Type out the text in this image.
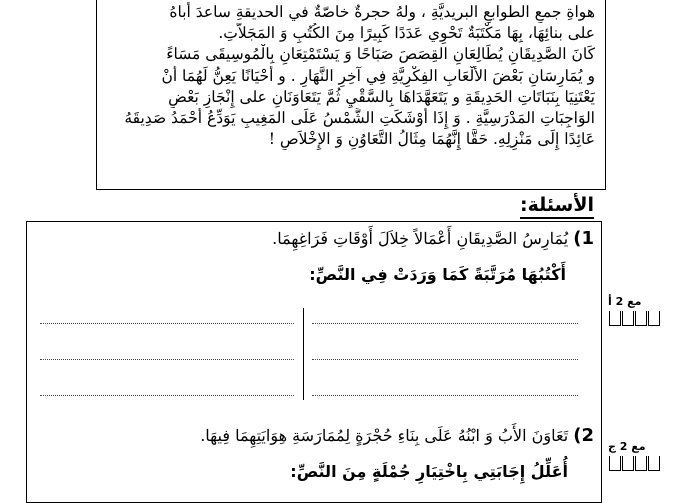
هواةِ جمعِ الطوابعِ البريديَّةِ ، ولهُ حجرةٌ خاصّةٌ في الحديقةِ ساعدَ أباهُ
على بنائِهَا، بِهَا مَكْتَبَةٌ تَحْوِي عَدَدًا كَبِيرًا مِنَ الكُتُبِ وَ المَجَلاَّتِ.
كَانَ الصَّدِيقَانِ يُطَالِعَانِ القِصَصَ صَبَاحًا وَ يَسْتَمْتِعَانِ بِالْمُوسِيقَى مَسَاءً
و يُمَارِسَانِ بَعْضَ الأَلْعَابِ الفِكْرِيَّةِ فِي آخِرِ النَّهَارِ . و أَحْيَانًا يَعِنُّ لَهُمَا أَنْ
يَعْتَنِيَا بِنَبَاتَاتِ الحَدِيقَةِ و يَتَعَهَّدَاهَا بِالسَّقْيِ ثُمَّ يَتَعَاوَنَانِ على إِنْجَازِ بَعْضِ
الوَاجِبَاتِ المَدْرَسِيَّةِ . وَ إِذَا أَوْشَكَتِ الشَّمْسُ عَلَى المَغِيبِ يَوَدِّعُ أَحْمَدُ صَدِيقَهُ
عَائِدًا إِلَى مَنْزِلِهِ. حَقًّا إِنَّهُمَا مِثَالُ التَّعَاوُنِ وَ الإِخْلاَصِ !
الأسئلة:
1) يُمَارِسُ الصَّدِيقَانِ أَعْمَالاً خِلاَلَ أَوْقَاتِ فَرَاغِهِمَا.
أَكْتُبُهَا مُرَتَّبَةً كَمَا وَرَدَتْ فِي النَّصِّ:
مع 2 أ
2) تَعَاوَنَ الأَبُ وَ ابْنُهُ عَلَى بِنَاءِ حُجْرَةٍ لِمُمَارَسَةِ هِوَايَتِهِمَا فِيهَا.
أُعَلِّلُ إِجَابَتِي بِاخْتِيَارِ جُمْلَةٍ مِنَ النَّصِّ:
مع 2 ج
